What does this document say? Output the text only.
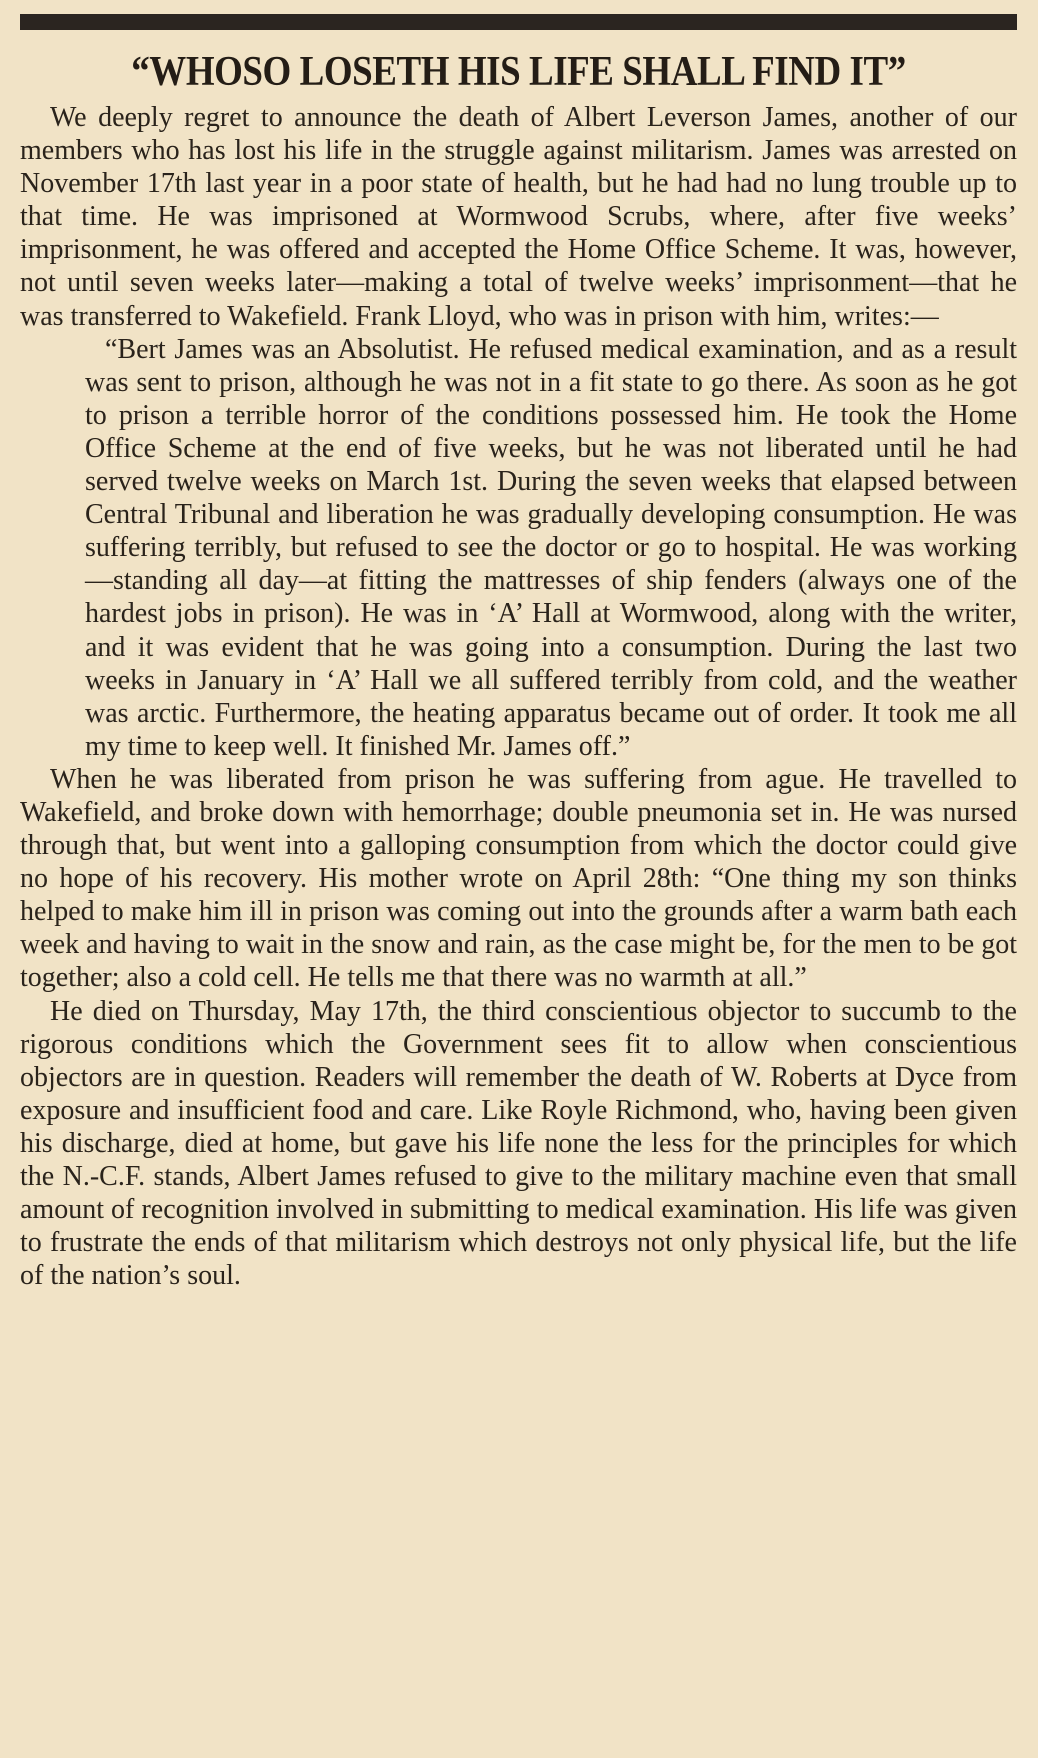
“WHOSO LOSETH HIS LIFE SHALL FIND IT”

We deeply regret to announce the death of Albert Leverson James, another of our members who has lost his life in the struggle against militarism. James was arrested on November 17th last year in a poor state of health, but he had had no lung trouble up to that time. He was imprisoned at Wormwood Scrubs, where, after five weeks’ imprisonment, he was offered and accepted the Home Office Scheme. It was, however, not until seven weeks later—making a total of twelve weeks’ imprisonment—that he was transferred to Wakefield. Frank Lloyd, who was in prison with him, writes:—

“Bert James was an Absolutist. He refused medical examination, and as a result was sent to prison, although he was not in a fit state to go there. As soon as he got to prison a terrible horror of the conditions possessed him. He took the Home Office Scheme at the end of five weeks, but he was not liberated until he had served twelve weeks on March 1st. During the seven weeks that elapsed between Central Tribunal and liberation he was gradually developing consumption. He was suffering terribly, but refused to see the doctor or go to hospital. He was working—standing all day—at fitting the mattresses of ship fenders (always one of the hardest jobs in prison). He was in ‘A’ Hall at Wormwood, along with the writer, and it was evident that he was going into a consumption. During the last two weeks in January in ‘A’ Hall we all suffered terribly from cold, and the weather was arctic. Furthermore, the heating apparatus became out of order. It took me all my time to keep well. It finished Mr. James off.”

When he was liberated from prison he was suffering from ague. He travelled to Wakefield, and broke down with hemorrhage; double pneumonia set in. He was nursed through that, but went into a galloping consumption from which the doctor could give no hope of his recovery. His mother wrote on April 28th: “One thing my son thinks helped to make him ill in prison was coming out into the grounds after a warm bath each week and having to wait in the snow and rain, as the case might be, for the men to be got together; also a cold cell. He tells me that there was no warmth at all.”

He died on Thursday, May 17th, the third conscientious objector to succumb to the rigorous conditions which the Government sees fit to allow when conscientious objectors are in question. Readers will remember the death of W. Roberts at Dyce from exposure and insufficient food and care. Like Royle Richmond, who, having been given his discharge, died at home, but gave his life none the less for the principles for which the N.-C.F. stands, Albert James refused to give to the military machine even that small amount of recognition involved in submitting to medical examination. His life was given to frustrate the ends of that militarism which destroys not only physical life, but the life of the nation’s soul.
